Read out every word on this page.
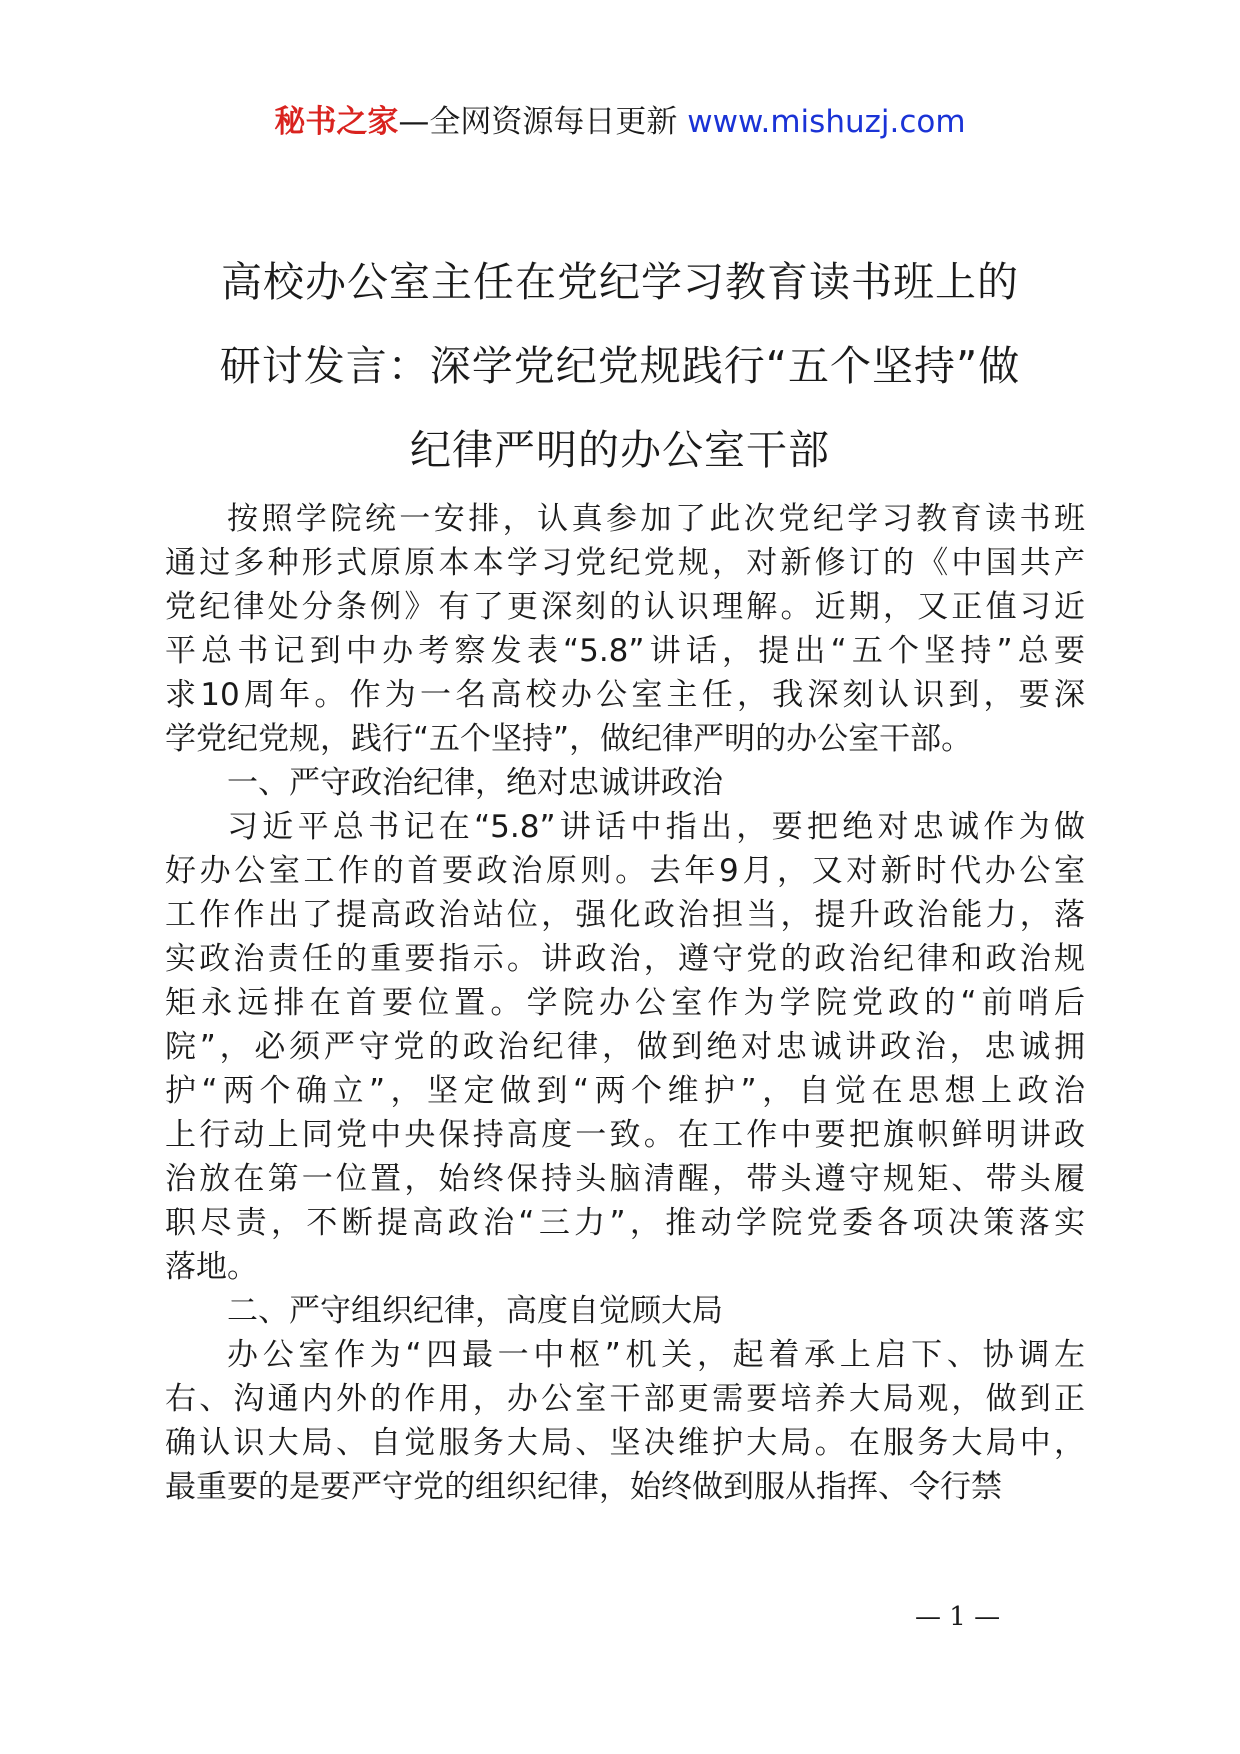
秘书之家—全网资源每日更新 www.mishuzj.com
高校办公室主任在党纪学习教育读书班上的
研讨发言：深学党纪党规践行“五个坚持”做
纪律严明的办公室干部
按照学院统一安排，认真参加了此次党纪学习教育读书班
通过多种形式原原本本学习党纪党规，对新修订的《中国共产
党纪律处分条例》有了更深刻的认识理解。近期，又正值习近
平总书记到中办考察发表“5.8”讲话，提出“五个坚持”总要
求10周年。作为一名高校办公室主任，我深刻认识到，要深
学党纪党规，践行“五个坚持”，做纪律严明的办公室干部。

一、严守政治纪律，绝对忠诚讲政治

习近平总书记在“5.8”讲话中指出，要把绝对忠诚作为做
好办公室工作的首要政治原则。去年9月，又对新时代办公室
工作作出了提高政治站位，强化政治担当，提升政治能力，落
实政治责任的重要指示。讲政治，遵守党的政治纪律和政治规
矩永远排在首要位置。学院办公室作为学院党政的“前哨后
院”，必须严守党的政治纪律，做到绝对忠诚讲政治，忠诚拥
护“两个确立”，坚定做到“两个维护”，自觉在思想上政治
上行动上同党中央保持高度一致。在工作中要把旗帜鲜明讲政
治放在第一位置，始终保持头脑清醒，带头遵守规矩、带头履
职尽责，不断提高政治“三力”，推动学院党委各项决策落实
落地。

二、严守组织纪律，高度自觉顾大局

办公室作为“四最一中枢”机关，起着承上启下、协调左
右、沟通内外的作用，办公室干部更需要培养大局观，做到正
确认识大局、自觉服务大局、坚决维护大局。在服务大局中，
最重要的是要严守党的组织纪律，始终做到服从指挥、令行禁
— 1 —
